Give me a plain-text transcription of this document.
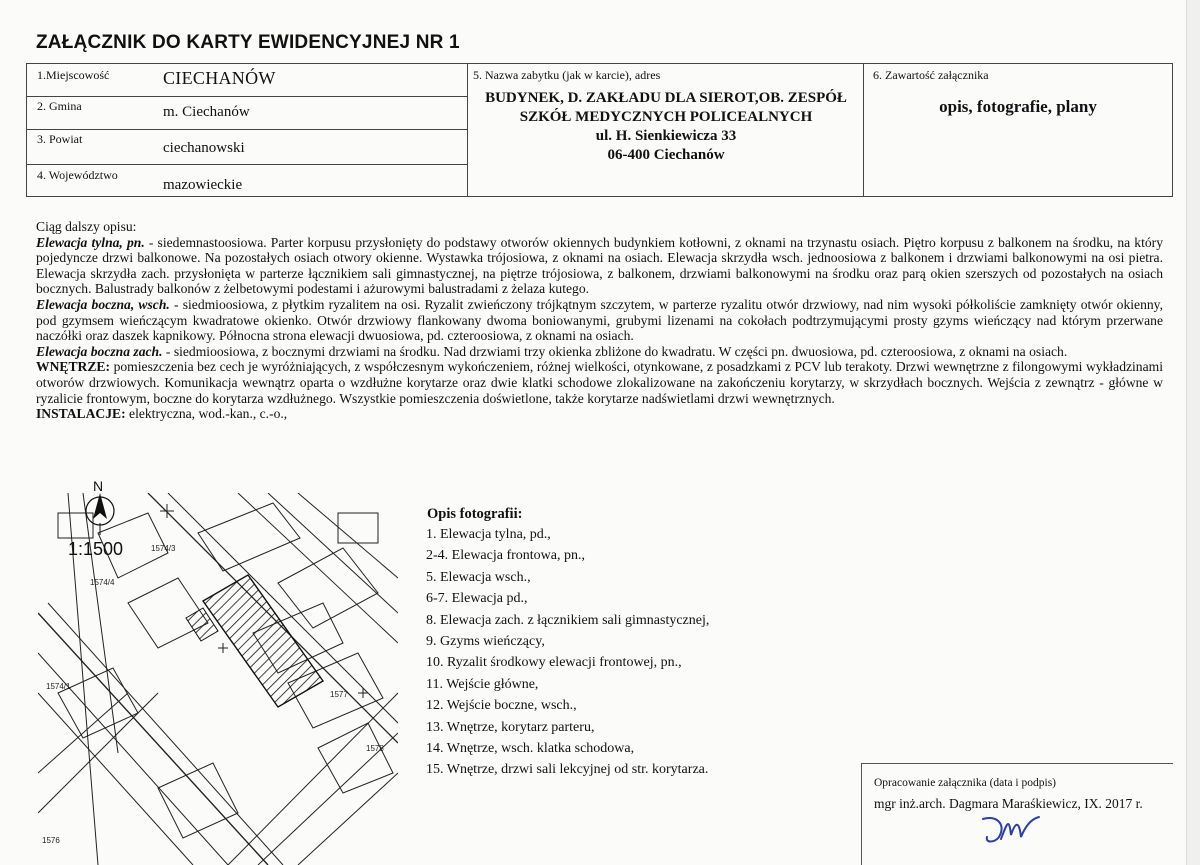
ZAŁĄCZNIK DO KARTY EWIDENCYJNEJ NR 1
1.Miejscowość	CIECHANÓW
2. Gmina	m. Ciechanów
3. Powiat
ciechanowski
4. Województwo
mazowieckie
5. Nazwa zabytku (jak w karcie), adres
BUDYNEK, D. ZAKŁADU DLA SIEROT,OB. ZESPÓŁ
SZKÓŁ MEDYCZNYCH POLICEALNYCH
ul. H. Sienkiewicza 33
06-400 Ciechanów
6. Zawartość załącznika
opis, fotografie, plany

Ciąg dalszy opisu:

Elewacja tylna, pn. - siedemnastoosiowa. Parter korpusu przysłonięty do podstawy otworów okiennych budynkiem kotłowni, z oknami na trzynastu osiach. Piętro korpusu z balkonem na środku, na który pojedyncze drzwi balkonowe. Na pozostałych osiach otwory okienne. Wystawka trójosiowa, z oknami na osiach. Elewacja skrzydła wsch. jednoosiowa z balkonem i drzwiami balkonowymi na osi pietra. Elewacja skrzydła zach. przysłonięta w parterze łącznikiem sali gimnastycznej, na piętrze trójosiowa, z balkonem, drzwiami balkonowymi na środku oraz parą okien szerszych od pozostałych na osiach bocznych. Balustrady balkonów z żelbetowymi podestami i ażurowymi balustradami z żelaza kutego.

Elewacja boczna, wsch. - siedmioosiowa, z płytkim ryzalitem na osi. Ryzalit zwieńczony trójkątnym szczytem, w parterze ryzalitu otwór drzwiowy, nad nim wysoki półkoliście zamknięty otwór okienny, pod gzymsem wieńczącym kwadratowe okienko. Otwór drzwiowy flankowany dwoma boniowanymi, grubymi lizenami na cokołach podtrzymującymi prosty gzyms wieńczący nad którym przerwane naczółki oraz daszek kapnikowy. Północna strona elewacji dwuosiowa, pd. czteroosiowa, z oknami na osiach.

Elewacja boczna zach. - siedmioosiowa, z bocznymi drzwiami na środku. Nad drzwiami trzy okienka zbliżone do kwadratu. W części pn. dwuosiowa, pd. czteroosiowa, z oknami na osiach.

WNĘTRZE: pomieszczenia bez cech je wyróżniających, z współczesnym wykończeniem, różnej wielkości, otynkowane, z posadzkami z PCV lub terakoty. Drzwi wewnętrzne z filongowymi wykładzinami otworów drzwiowych. Komunikacja wewnątrz oparta o wzdłużne korytarze oraz dwie klatki schodowe zlokalizowane na zakończeniu korytarzy, w skrzydłach bocznych. Wejścia z zewnątrz - główne w ryzalicie frontowym, boczne do korytarza wzdłużnego. Wszystkie pomieszczenia doświetlone, także korytarze nadświetlami drzwi wewnętrznych.

INSTALACJE: elektryczna, wod.-kan., c.-o.,

N
1:1500	1574/3
1574/4
1574/1
1577
1578
1576
Opis fotografii:
1. Elewacja tylna, pd.,
2-4. Elewacja frontowa, pn.,
5. Elewacja wsch.,
6-7. Elewacja pd.,
8. Elewacja zach. z łącznikiem sali gimnastycznej,
9. Gzyms wieńczący,
10. Ryzalit środkowy elewacji frontowej, pn.,
11. Wejście główne,
12. Wejście boczne, wsch.,
13. Wnętrze, korytarz parteru,
14. Wnętrze, wsch. klatka schodowa,
15. Wnętrze, drzwi sali lekcyjnej od str. korytarza.
Opracowanie załącznika (data i podpis)
mgr inż.arch. Dagmara Maraśkiewicz, IX. 2017 r.
